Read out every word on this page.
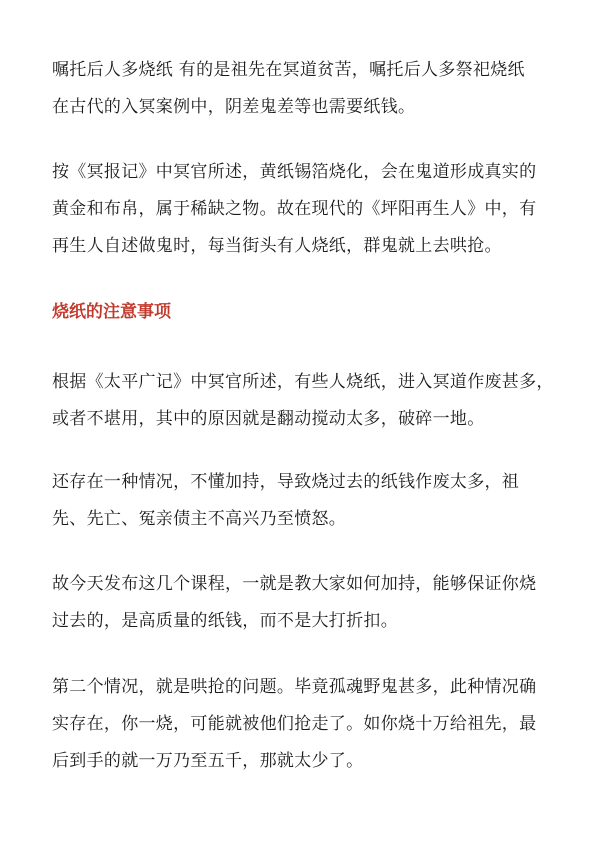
嘱托后人多烧纸 有的是祖先在冥道贫苦，嘱托后人多祭祀烧纸
在古代的入冥案例中，阴差鬼差等也需要纸钱。

按《冥报记》中冥官所述，黄纸锡箔烧化，会在鬼道形成真实的
黄金和布帛，属于稀缺之物。故在现代的《坪阳再生人》中，有
再生人自述做鬼时，每当街头有人烧纸，群鬼就上去哄抢。

烧纸的注意事项

根据《太平广记》中冥官所述，有些人烧纸，进入冥道作废甚多，
或者不堪用，其中的原因就是翻动搅动太多，破碎一地。

还存在一种情况，不懂加持，导致烧过去的纸钱作废太多，祖
先、先亡、冤亲债主不高兴乃至愤怒。

故今天发布这几个课程，一就是教大家如何加持，能够保证你烧
过去的，是高质量的纸钱，而不是大打折扣。

第二个情况，就是哄抢的问题。毕竟孤魂野鬼甚多，此种情况确
实存在，你一烧，可能就被他们抢走了。如你烧十万给祖先，最
后到手的就一万乃至五千，那就太少了。
